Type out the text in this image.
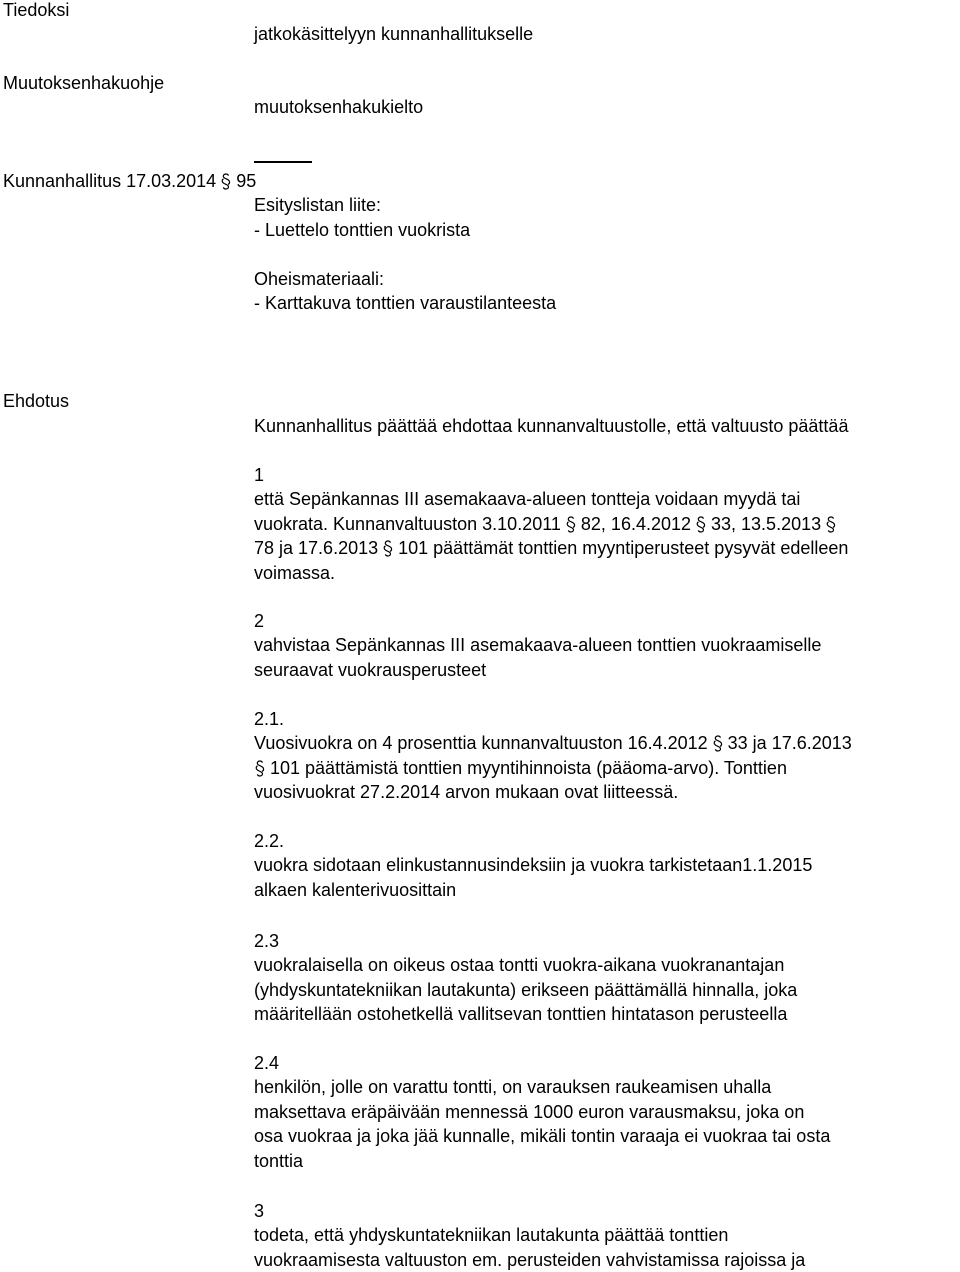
Tiedoksi
jatkokäsittelyyn kunnanhallitukselle
Muutoksenhakuohje
muutoksenhakukielto
Kunnanhallitus 17.03.2014 95
Esityslistan liite:
- Luettelo tonttien vuokrista
Oheismateriaali:
- Karttakuva tonttien varaustilanteesta
Ehdotus
Kunnanhallitus päättää ehdottaa kunnanvaltuustolle, että valtuusto päättää
1
että Sepänkannas III asemakaava-alueen tontteja voidaan myydä tai
vuokrata. Kunnanvaltuuston 3.10.2011 82, 16.4.2012 33, 13.5.2013
78 ja 17.6.2013 101 päättämät tonttien myyntiperusteet pysyvät edelleen
voimassa.
2
vahvistaa Sepänkannas III asemakaava-alueen tonttien vuokraamiselle
seuraavat vuokrausperusteet
2.1.
Vuosivuokra on 4 prosenttia kunnanvaltuuston 16.4.2012 33 ja 17.6.2013
101 päättämistä tonttien myyntihinnoista (pääoma-arvo). Tonttien
vuosivuokrat 27.2.2014 arvon mukaan ovat liitteessä.
2.2.
vuokra sidotaan elinkustannusindeksiin ja vuokra tarkistetaan1.1.2015
alkaen kalenterivuosittain
2.3
vuokralaisella on oikeus ostaa tontti vuokra-aikana vuokranantajan
(yhdyskuntatekniikan lautakunta) erikseen päättämällä hinnalla, joka
määritellään ostohetkellä vallitsevan tonttien hintatason perusteella
2.4
henkilön, jolle on varattu tontti, on varauksen raukeamisen uhalla
maksettava eräpäivään mennessä 1000 euron varausmaksu, joka on
osa vuokraa ja joka jää kunnalle, mikäli tontin varaaja ei vuokraa tai osta
tonttia
3
todeta, että yhdyskuntatekniikan lautakunta päättää tonttien
vuokraamisesta valtuuston em. perusteiden vahvistamissa rajoissa ja
